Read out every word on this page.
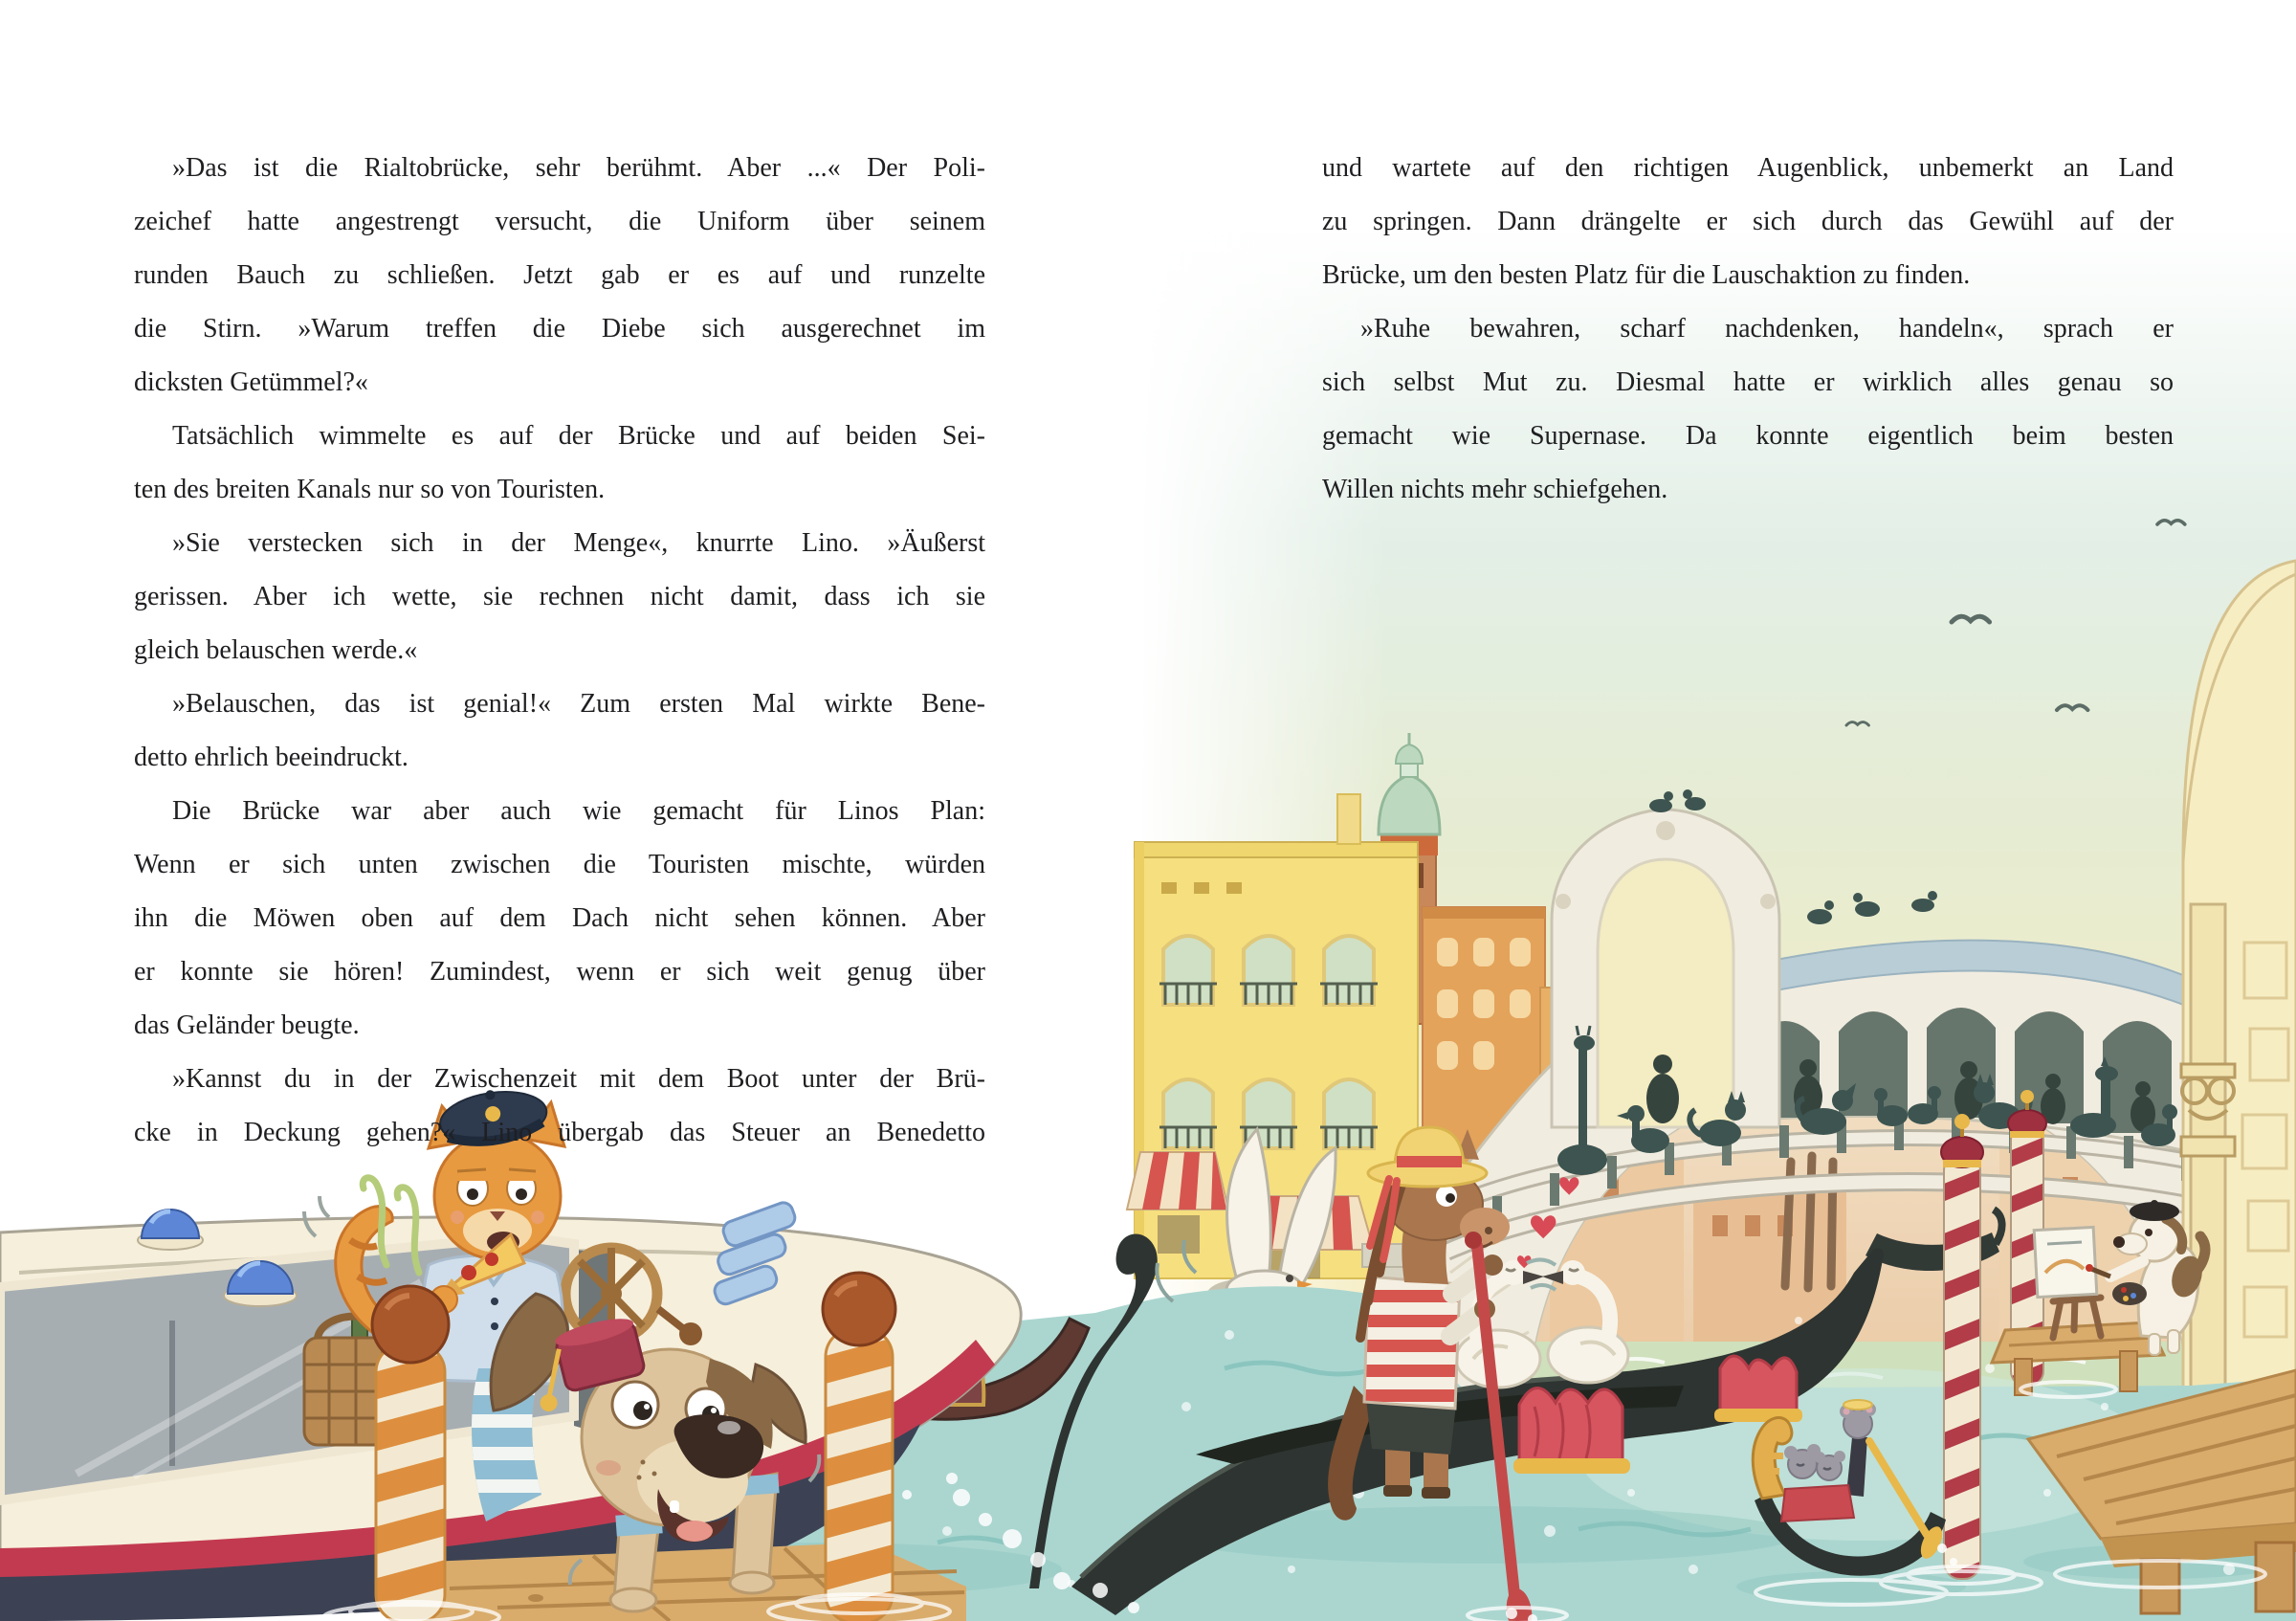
»Das ist die Rialtobrücke, sehr berühmt. Aber ...« Der Poli-
zeichef hatte angestrengt versucht, die Uniform über seinem
runden Bauch zu schließen. Jetzt gab er es auf und runzelte
die Stirn. »Warum treffen die Diebe sich ausgerechnet im
dicksten Getümmel?«
Tatsächlich wimmelte es auf der Brücke und auf beiden Sei-
ten des breiten Kanals nur so von Touristen.
»Sie verstecken sich in der Menge«, knurrte Lino. »Äußerst
gerissen. Aber ich wette, sie rechnen nicht damit, dass ich sie
gleich belauschen werde.«
»Belauschen, das ist genial!« Zum ersten Mal wirkte Bene-
detto ehrlich beeindruckt.
Die Brücke war aber auch wie gemacht für Linos Plan:
Wenn er sich unten zwischen die Touristen mischte, würden
ihn die Möwen oben auf dem Dach nicht sehen können. Aber
er konnte sie hören! Zumindest, wenn er sich weit genug über
das Geländer beugte.
»Kannst du in der Zwischenzeit mit dem Boot unter der Brü-
cke in Deckung gehen?« Lino übergab das Steuer an Benedetto
und wartete auf den richtigen Augenblick, unbemerkt an Land
zu springen. Dann drängelte er sich durch das Gewühl auf der
Brücke, um den besten Platz für die Lauschaktion zu finden.
»Ruhe bewahren, scharf nachdenken, handeln«, sprach er
sich selbst Mut zu. Diesmal hatte er wirklich alles genau so
gemacht wie Supernase. Da konnte eigentlich beim besten
Willen nichts mehr schiefgehen.
